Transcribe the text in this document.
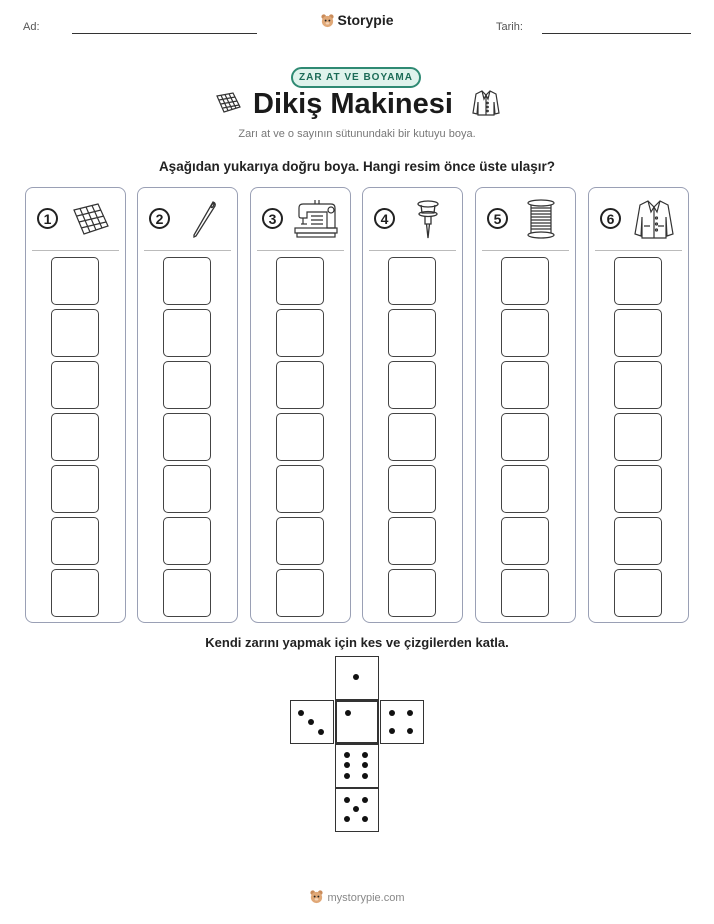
Ad:	Storypie	Tarih:
ZAR AT VE BOYAMA
Dikiş Makinesi
Zarı at ve o sayının sütunundaki bir kutuyu boya.
Aşağıdan yukarıya doğru boya. Hangi resim önce üste ulaşır?
1	2	3	4	5	6
Kendi zarını yapmak için kes ve çizgilerden katla.
mystorypie.com
